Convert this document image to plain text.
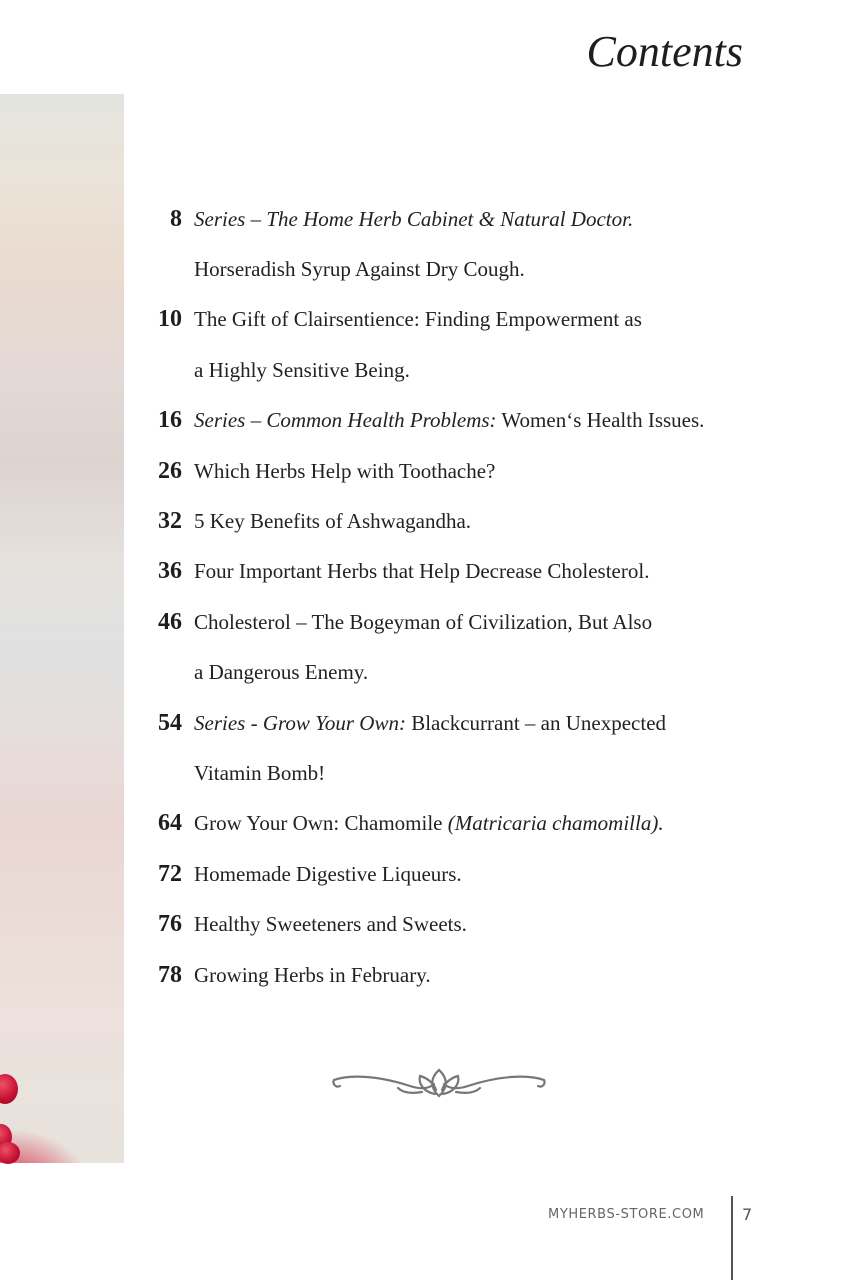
Contents
8 Series – The Home Herb Cabinet & Natural Doctor.
Horseradish Syrup Against Dry Cough.
10 The Gift of Clairsentience: Finding Empowerment as
a Highly Sensitive Being.
16 Series – Common Health Problems: Women‘s Health Issues.
26 Which Herbs Help with Toothache?
32 5 Key Benefits of Ashwagandha.
36 Four Important Herbs that Help Decrease Cholesterol.
46 Cholesterol – The Bogeyman of Civilization, But Also
a Dangerous Enemy.
54 Series - Grow Your Own: Blackcurrant – an Unexpected
Vitamin Bomb!
64 Grow Your Own: Chamomile (Matricaria chamomilla).
72 Homemade Digestive Liqueurs.
76 Healthy Sweeteners and Sweets.
78 Growing Herbs in February.
MYHERBS-STORE.COM 7
